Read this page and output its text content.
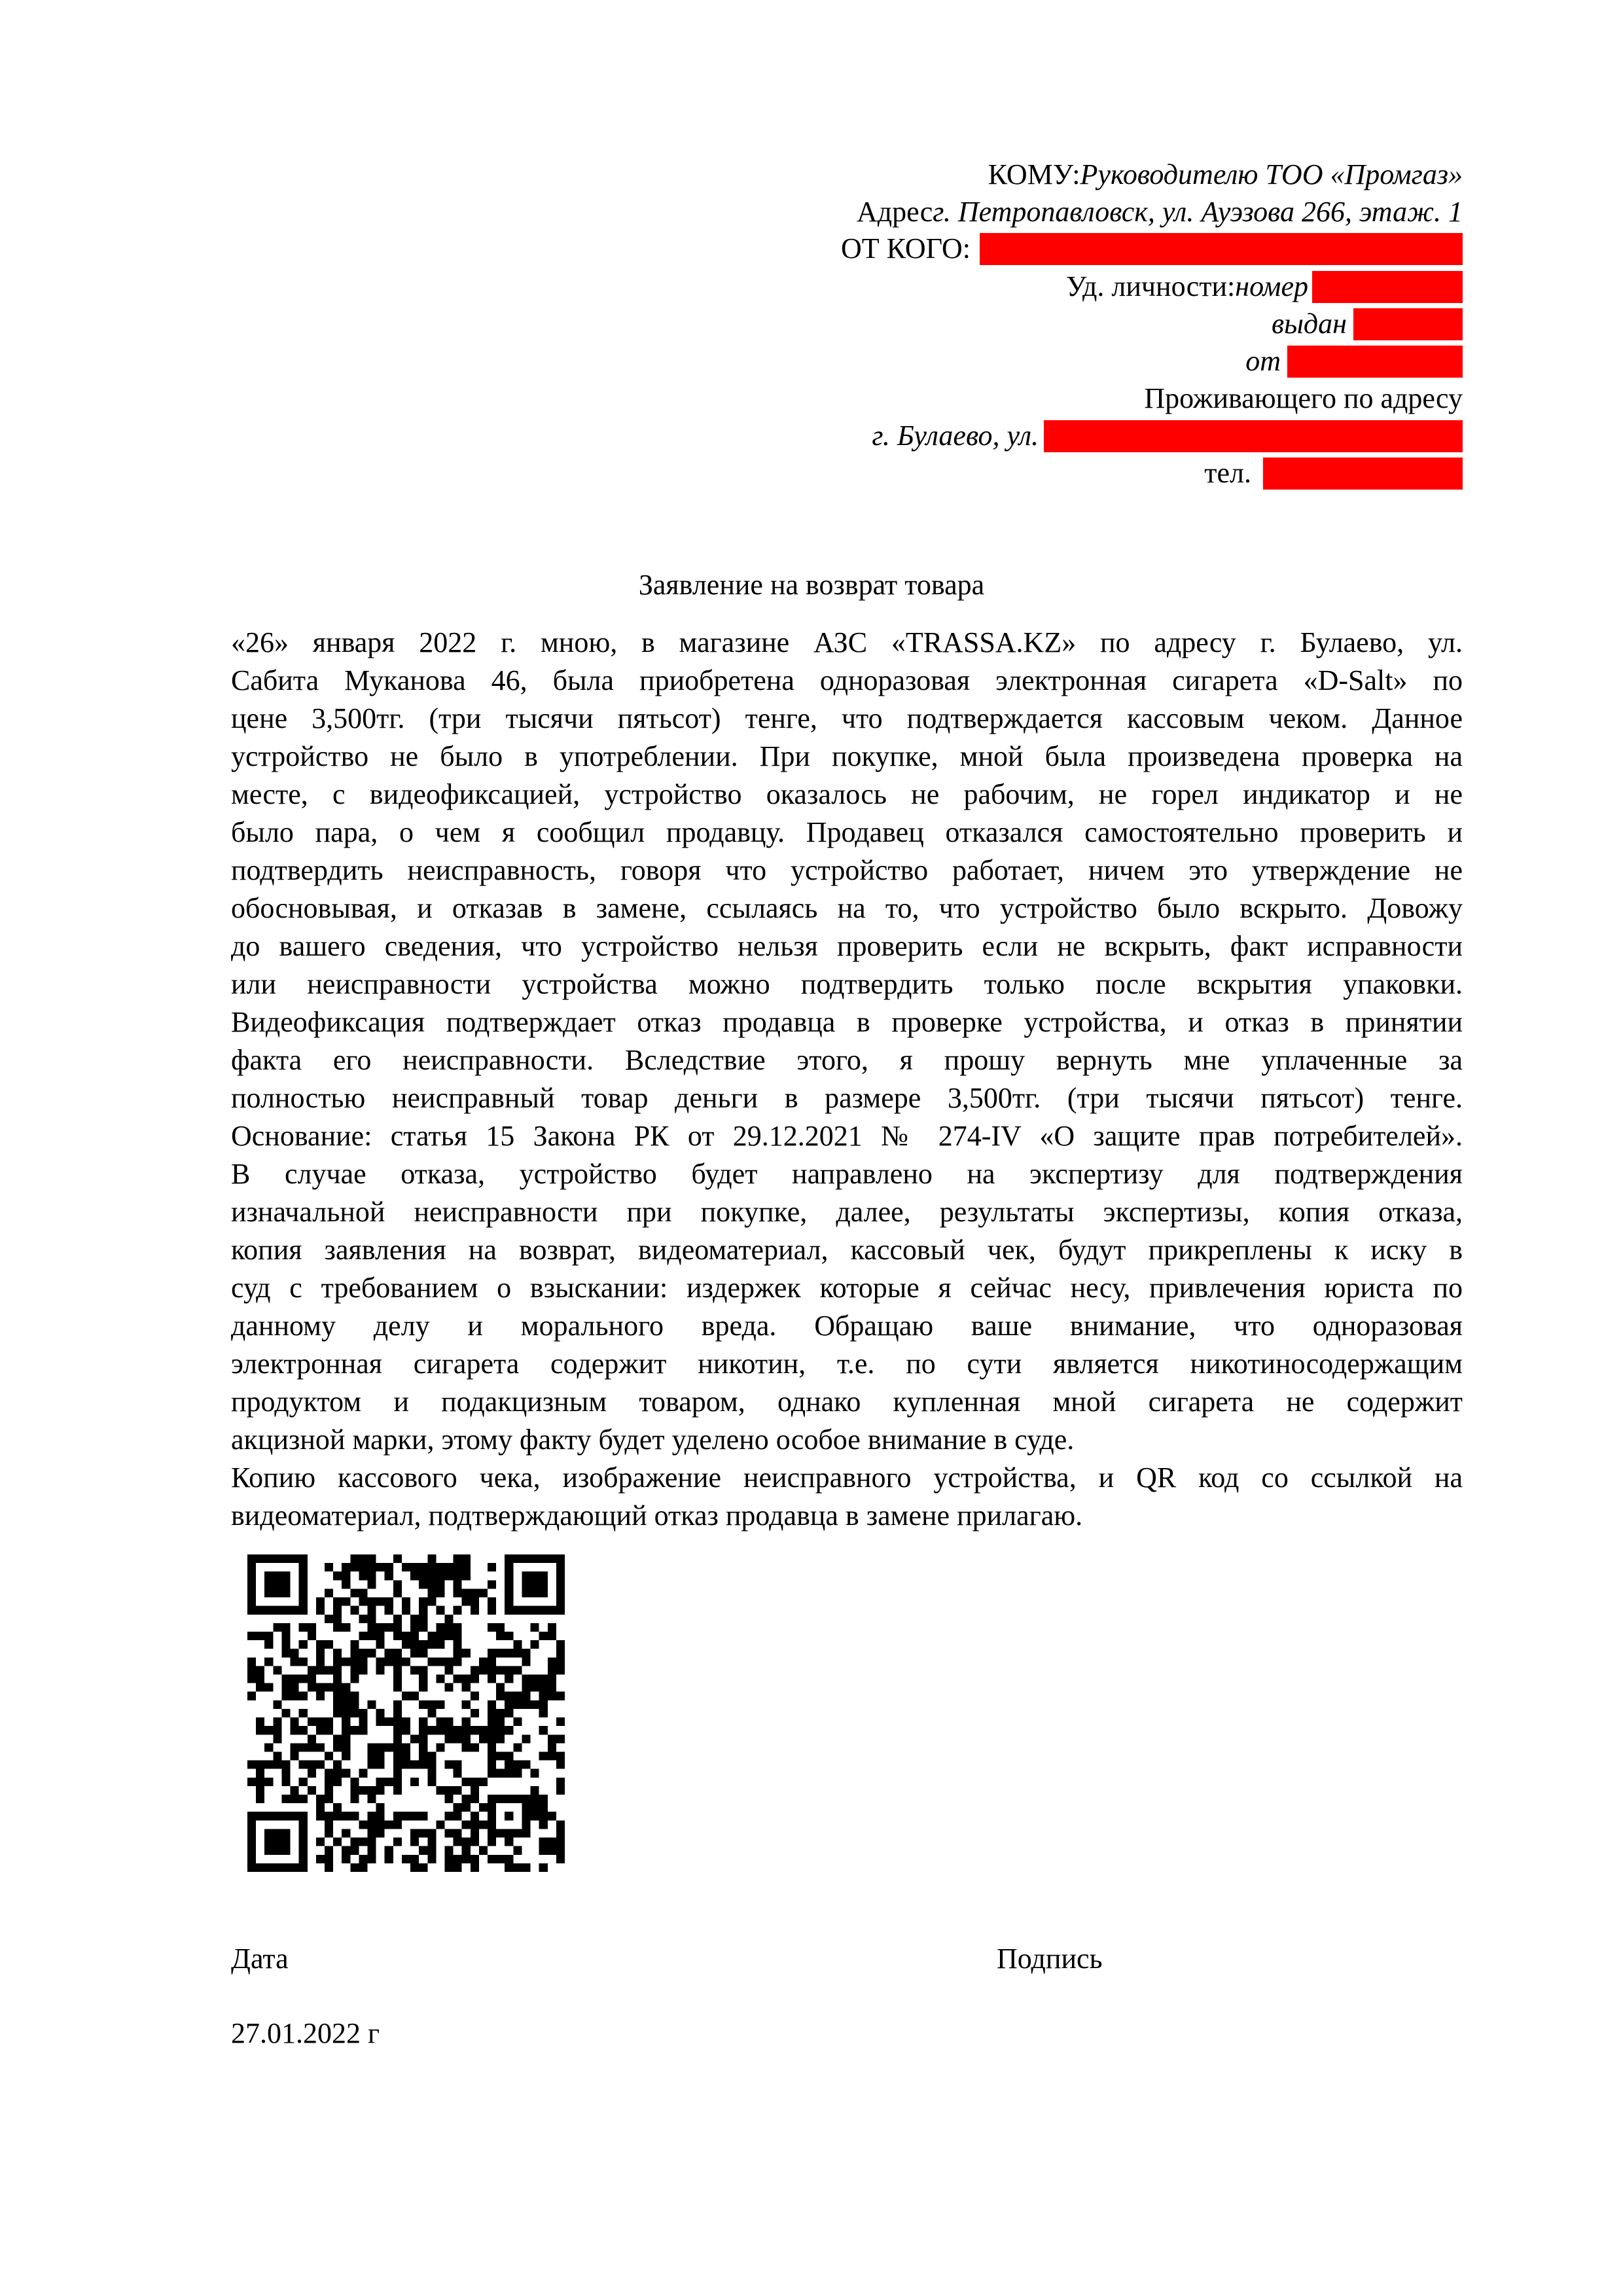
КОМУ: Руководителю ТОО «Промгаз»
Адрес г. Петропавловск, ул. Ауэзова 266, этаж. 1
ОТ КОГО:
Уд. личности: номер
выдан
от
Проживающего по адресу
г. Булаево, ул.
тел.
Заявление на возврат товара
«26» января 2022 г. мною, в магазине АЗС «TRASSA.KZ» по адресу г. Булаево, ул.
Сабита Муканова 46, была приобретена одноразовая электронная сигарета «D-Salt» по
цене 3,500тг. (три тысячи пятьсот) тенге, что подтверждается кассовым чеком. Данное
устройство не было в употреблении. При покупке, мной была произведена проверка на
месте, с видеофиксацией, устройство оказалось не рабочим, не горел индикатор и не
было пара, о чем я сообщил продавцу. Продавец отказался самостоятельно проверить и
подтвердить неисправность, говоря что устройство работает, ничем это утверждение не
обосновывая, и отказав в замене, ссылаясь на то, что устройство было вскрыто. Довожу
до вашего сведения, что устройство нельзя проверить если не вскрыть, факт исправности
или неисправности устройства можно подтвердить только после вскрытия упаковки.
Видеофиксация подтверждает отказ продавца в проверке устройства, и отказ в принятии
факта его неисправности. Вследствие этого, я прошу вернуть мне уплаченные за
полностью неисправный товар деньги в размере 3,500тг. (три тысячи пятьсот) тенге.
Основание: статья 15 Закона РК от 29.12.2021 № 274-IV «О защите прав потребителей».
В случае отказа, устройство будет направлено на экспертизу для подтверждения
изначальной неисправности при покупке, далее, результаты экспертизы, копия отказа,
копия заявления на возврат, видеоматериал, кассовый чек, будут прикреплены к иску в
суд с требованием о взыскании: издержек которые я сейчас несу, привлечения юриста по
данному делу и морального вреда. Обращаю ваше внимание, что одноразовая
электронная сигарета содержит никотин, т.е. по сути является никотиносодержащим
продуктом и подакцизным товаром, однако купленная мной сигарета не содержит
акцизной марки, этому факту будет уделено особое внимание в суде.
Копию кассового чека, изображение неисправного устройства, и QR код со ссылкой на
видеоматериал, подтверждающий отказ продавца в замене прилагаю.
Дата	Подпись
27.01.2022 г
